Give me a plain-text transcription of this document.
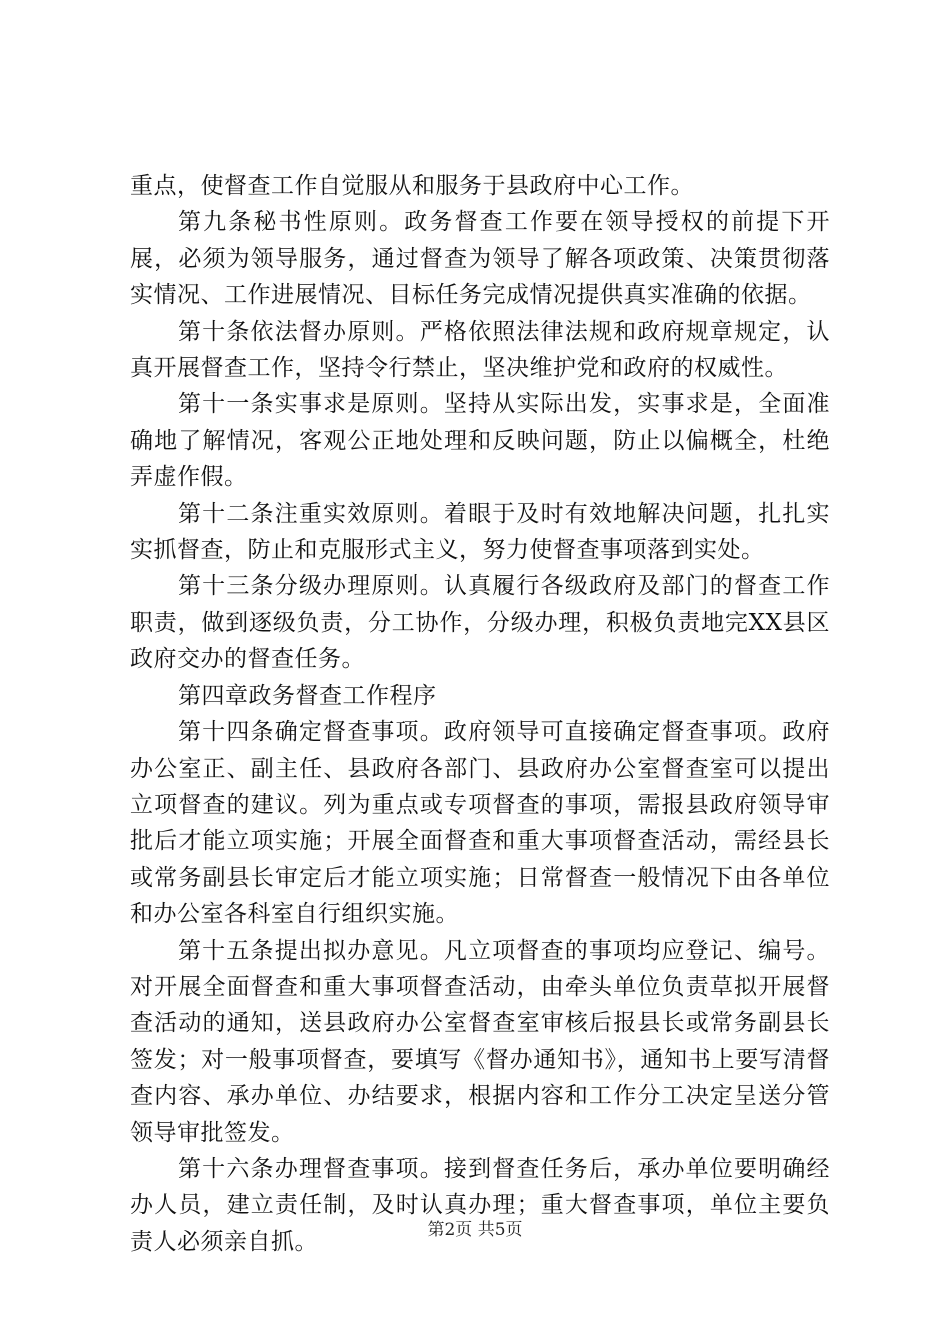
重点，使督查工作自觉服从和服务于县政府中心工作。

第九条秘书性原则。政务督查工作要在领导授权的前提下开展，必须为领导服务，通过督查为领导了解各项政策、决策贯彻落实情况、工作进展情况、目标任务完成情况提供真实准确的依据。

第十条依法督办原则。严格依照法律法规和政府规章规定，认真开展督查工作，坚持令行禁止，坚决维护党和政府的权威性。

第十一条实事求是原则。坚持从实际出发，实事求是，全面准确地了解情况，客观公正地处理和反映问题，防止以偏概全，杜绝弄虚作假。

第十二条注重实效原则。着眼于及时有效地解决问题，扎扎实实抓督查，防止和克服形式主义，努力使督查事项落到实处。

第十三条分级办理原则。认真履行各级政府及部门的督查工作职责，做到逐级负责，分工协作，分级办理，积极负责地完XX县区政府交办的督查任务。

第四章政务督查工作程序

第十四条确定督查事项。政府领导可直接确定督查事项。政府办公室正、副主任、县政府各部门、县政府办公室督查室可以提出立项督查的建议。列为重点或专项督查的事项，需报县政府领导审批后才能立项实施；开展全面督查和重大事项督查活动，需经县长或常务副县长审定后才能立项实施；日常督查一般情况下由各单位和办公室各科室自行组织实施。

第十五条提出拟办意见。凡立项督查的事项均应登记、编号。对开展全面督查和重大事项督查活动，由牵头单位负责草拟开展督查活动的通知，送县政府办公室督查室审核后报县长或常务副县长签发；对一般事项督查，要填写《督办通知书》，通知书上要写清督查内容、承办单位、办结要求，根据内容和工作分工决定呈送分管领导审批签发。

第十六条办理督查事项。接到督查任务后，承办单位要明确经办人员，建立责任制，及时认真办理；重大督查事项，单位主要负责人必须亲自抓。	第2页 共5页
